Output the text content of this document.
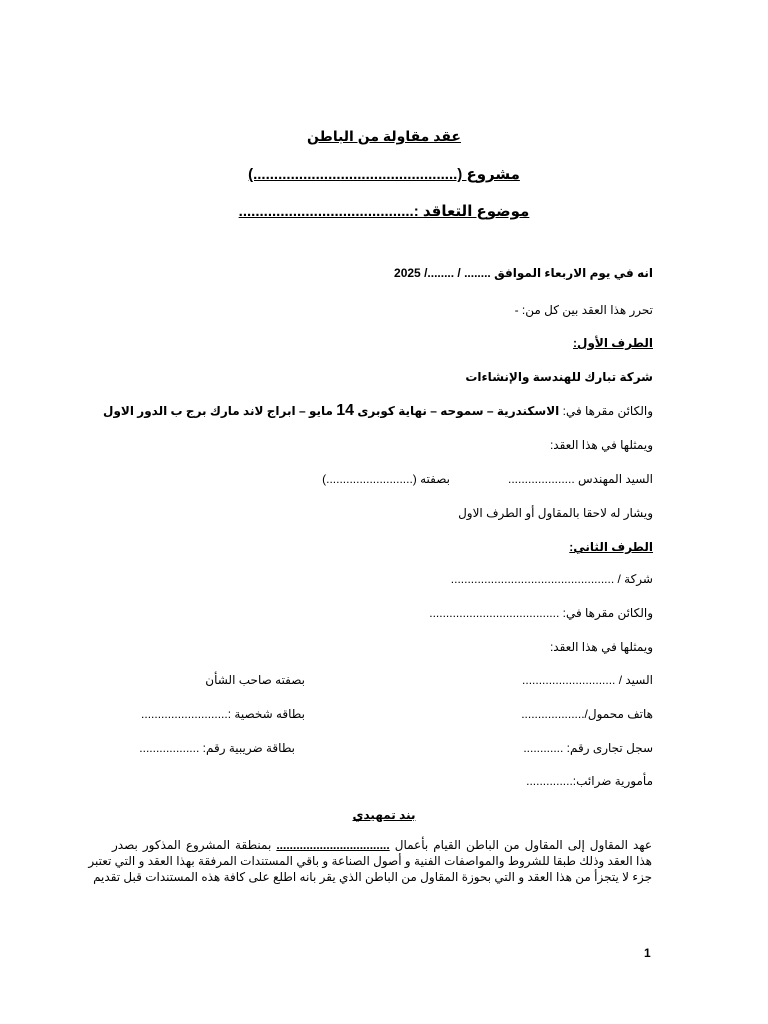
عقد مقاولة من الباطن
مشروع (.................................................)
موضوع التعاقد :..........................................
انه في يوم الاربعاء الموافق ........ / ......../ 2025
تحرر هذا العقد بين كل من: -
الطرف الأول:
شركة تبارك للهندسة والإنشاءات
والكائن مقرها في: الاسكندرية – سموحه – نهاية كوبرى 14 مايو – ابراج لاند مارك برج ب الدور الاول
ويمثلها في هذا العقد:
السيد المهندس ....................
بصفته (..........................)
ويشار له لاحقا بالمقاول أو الطرف الاول
الطرف الثاني:
شركة / .................................................
والكائن مقرها في: .......................................
ويمثلها في هذا العقد:
السيد / ............................
بصفته صاحب الشأن
هاتف محمول/...................
بطاقه شخصية :..........................
سجل تجارى رقم: ............
بطاقة ضريبية رقم: ..................
مأمورية ضرائب:..............
بند تمهيدي
عهد المقاول إلى المقاول من الباطن القيام بأعمال .................................. بمنطقة المشروع المذكور بصدر
هذا العقد وذلك طبقا للشروط والمواصفات الفنية و أصول الصناعة و باقي المستندات المرفقة بهذا العقد و التي تعتبر
جزء لا يتجزأ من هذا العقد و التي بحوزة المقاول من الباطن الذي يقر بانه اطلع على كافة هذه المستندات قبل تقديم
1
